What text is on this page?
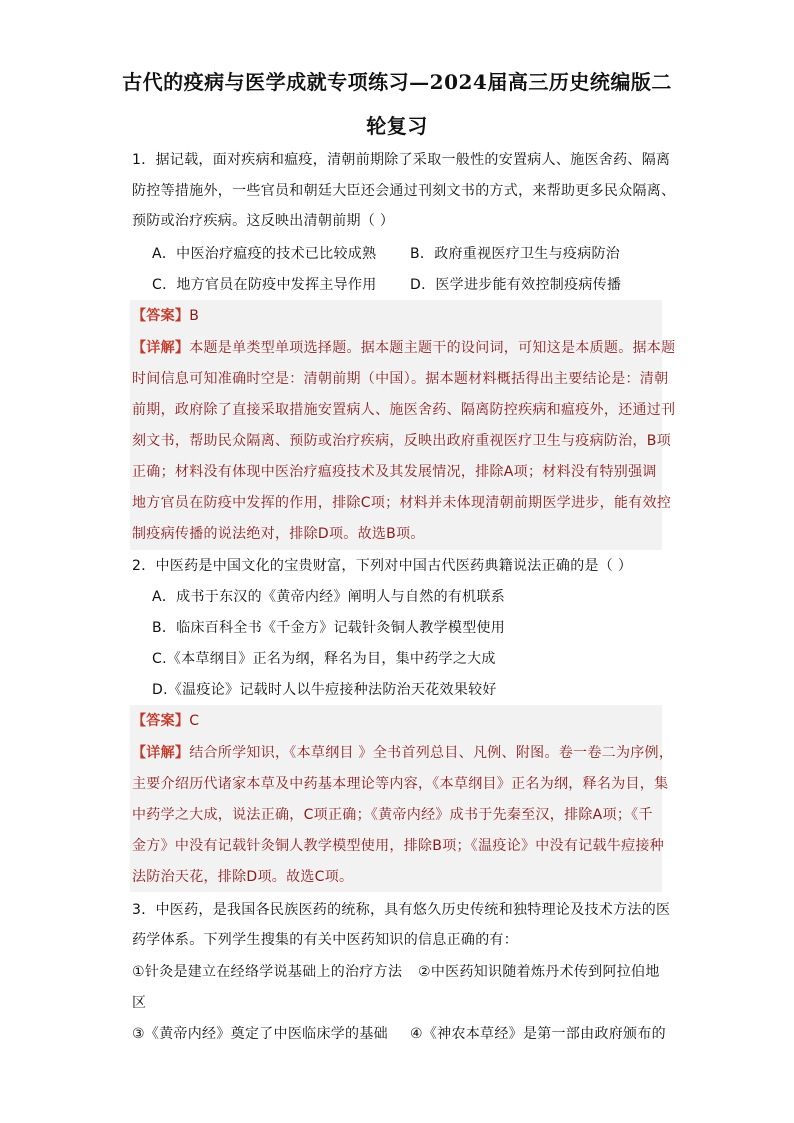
古代的疫病与医学成就专项练习—2024届高三历史统编版二
轮复习
1．据记载，面对疾病和瘟疫，清朝前期除了采取一般性的安置病人、施医舍药、隔离
防控等措施外，一些官员和朝廷大臣还会通过刊刻文书的方式，来帮助更多民众隔离、
预防或治疗疾病。这反映出清朝前期（ ）
A．中医治疗瘟疫的技术已比较成熟 B．政府重视医疗卫生与疫病防治
C．地方官员在防疫中发挥主导作用 D．医学进步能有效控制疫病传播
【答案】B
【详解】本题是单类型单项选择题。据本题主题干的设问词，可知这是本质题。据本题
时间信息可知准确时空是：清朝前期（中国）。据本题材料概括得出主要结论是：清朝
前期，政府除了直接采取措施安置病人、施医舍药、隔离防控疾病和瘟疫外，还通过刊
刻文书，帮助民众隔离、预防或治疗疾病，反映出政府重视医疗卫生与疫病防治，B项
正确；材料没有体现中医治疗瘟疫技术及其发展情况，排除A项；材料没有特别强调
地方官员在防疫中发挥的作用，排除C项；材料并未体现清朝前期医学进步，能有效控
制疫病传播的说法绝对，排除D项。故选B项。
2．中医药是中国文化的宝贵财富，下列对中国古代医药典籍说法正确的是（ ）
A．成书于东汉的《黄帝内经》阐明人与自然的有机联系
B．临床百科全书《千金方》记载针灸铜人教学模型使用
C.《本草纲目》正名为纲，释名为目，集中药学之大成
D.《温疫论》记载时人以牛痘接种法防治天花效果较好
【答案】C
【详解】结合所学知识，《本草纲目 》全书首列总目、凡例、附图。卷一卷二为序例，
主要介绍历代诸家本草及中药基本理论等内容，《本草纲目》正名为纲，释名为目，集
中药学之大成，说法正确，C项正确；《黄帝内经》成书于先秦至汉，排除A项；《千
金方》中没有记载针灸铜人教学模型使用，排除B项；《温疫论》中没有记载牛痘接种
法防治天花，排除D项。故选C项。
3．中医药，是我国各民族医药的统称，具有悠久历史传统和独特理论及技术方法的医
药学体系。下列学生搜集的有关中医药知识的信息正确的有：
①针灸是建立在经络学说基础上的治疗方法 ②中医药知识随着炼丹术传到阿拉伯地
区
③《黄帝内经》奠定了中医临床学的基础 ④《神农本草经》是第一部由政府颁布的
